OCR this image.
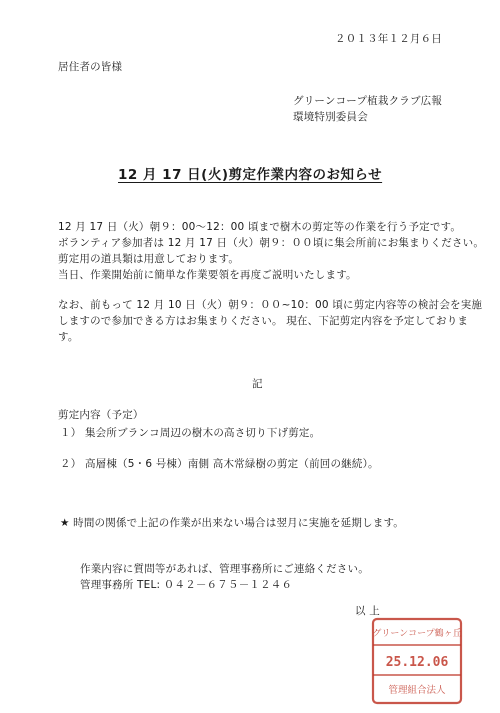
２０１３年１２月６日
居住者の皆様
グリーンコープ植栽クラブ広報
環境特別委員会
12 月 17 日(火)剪定作業内容のお知らせ
12 月 17 日（火）朝９：00～12：00 頃まで樹木の剪定等の作業を行う予定です。
ボランティア参加者は 12 月 17 日（火）朝９：００頃に集会所前にお集まりください。
剪定用の道具類は用意しております。
当日、作業開始前に簡単な作業要領を再度ご説明いたします。
なお、前もって 12 月 10 日（火）朝９：００~10：00 頃に剪定内容等の検討会を実施
しますので参加できる方はお集まりください。 現在、下記剪定内容を予定しておりま
す。
記
剪定内容（予定）
１） 集会所ブランコ周辺の樹木の高さ切り下げ剪定。
２） 高層棟（5・6 号棟）南側 高木常緑樹の剪定（前回の継続）。
★ 時間の関係で上記の作業が出来ない場合は翌月に実施を延期します。
作業内容に質問等があれば、管理事務所にご連絡ください。
管理事務所 TEL: ０４２－６７５－１２４６
以 上
グリーンコープ鶴ヶ丘
25.12.06
管理組合法人
